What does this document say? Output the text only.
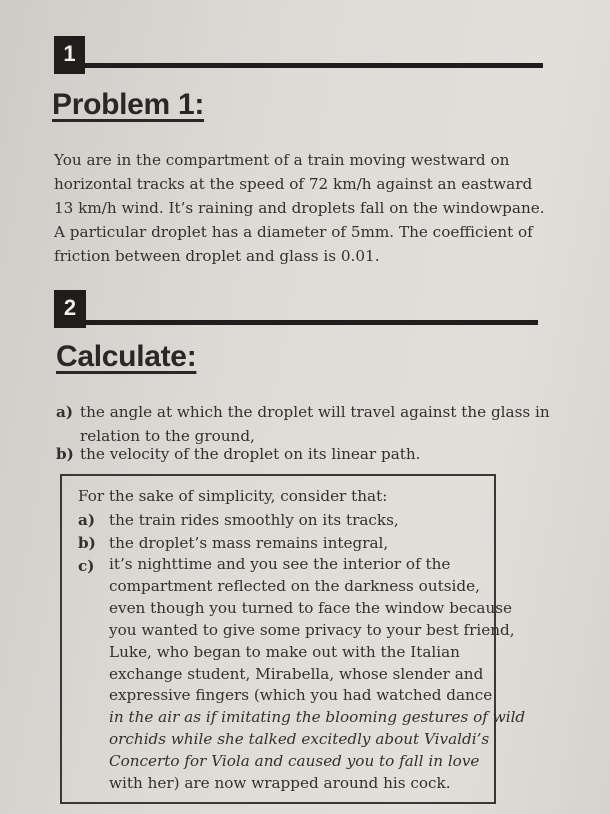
1
Problem 1:
You are in the compartment of a train moving westward on
horizontal tracks at the speed of 72 km/h against an eastward
13 km/h wind. It’s raining and droplets fall on the windowpane.
A particular droplet has a diameter of 5mm. The coefficient of
friction between droplet and glass is 0.01.
2
Calculate:
a) the angle at which the droplet will travel against the glass in
relation to the ground,
b) the velocity of the droplet on its linear path.
For the sake of simplicity, consider that:
a) the train rides smoothly on its tracks,
b) the droplet’s mass remains integral,
c) it’s nighttime and you see the interior of the
compartment reflected on the darkness outside,
even though you turned to face the window because
you wanted to give some privacy to your best friend,
Luke, who began to make out with the Italian
exchange student, Mirabella, whose slender and
expressive fingers (which you had watched dance
in the air as if imitating the blooming gestures of wild
orchids while she talked excitedly about Vivaldi’s
Concerto for Viola and caused you to fall in love
with her) are now wrapped around his cock.
